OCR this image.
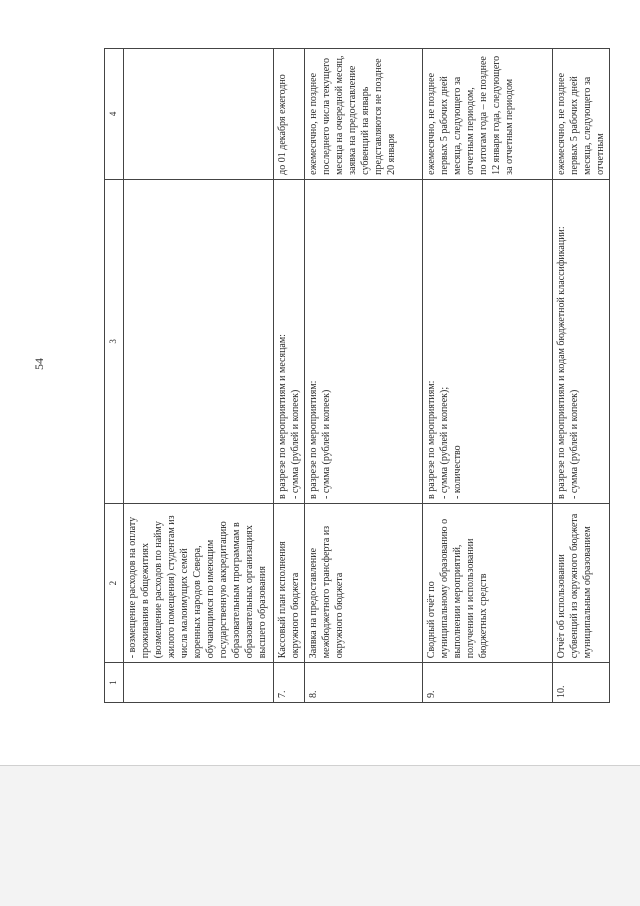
54
1	2	3	4
	- возмещение расходов на оплату проживания в общежитиях (возмещение расходов по найму жилого помещения) студентам из числа малоимущих семей коренных народов Севера, обучающимся по имеющим государственную аккредитацию образовательным программам в образовательных организациях высшего образования		
7.	Кассовый план исполнения окружного бюджета	в разрезе по мероприятиям и месяцам: - сумма (рублей и копеек)	до 01 декабря ежегодно

8.	Заявка на предоставление межбюджетного трансферта из окружного бюджета	в разрезе по мероприятиям: - сумма (рублей и копеек)	ежемесячно, не позднее последнего числа текущего месяца на очередной месяц, заявка на предоставление субвенций на январь представляются не позднее 20 января

9.	Сводный отчёт по муниципальному образованию о выполнении мероприятий, получении и использовании бюджетных средств	в разрезе по мероприятиям: - сумма (рублей и копеек); - количество	ежемесячно, не позднее первых 5 рабочих дней месяца, следующего за отчетным периодом, по итогам года – не позднее 12 января года, следующего за отчетным периодом

10.	Отчёт об использовании субвенций из окружного бюджета муниципальным образованием	в разрезе по мероприятиям и кодам бюджетной классификации: - сумма (рублей и копеек)	ежемесячно, не позднее первых 5 рабочих дней месяца, следующего за отчетным
